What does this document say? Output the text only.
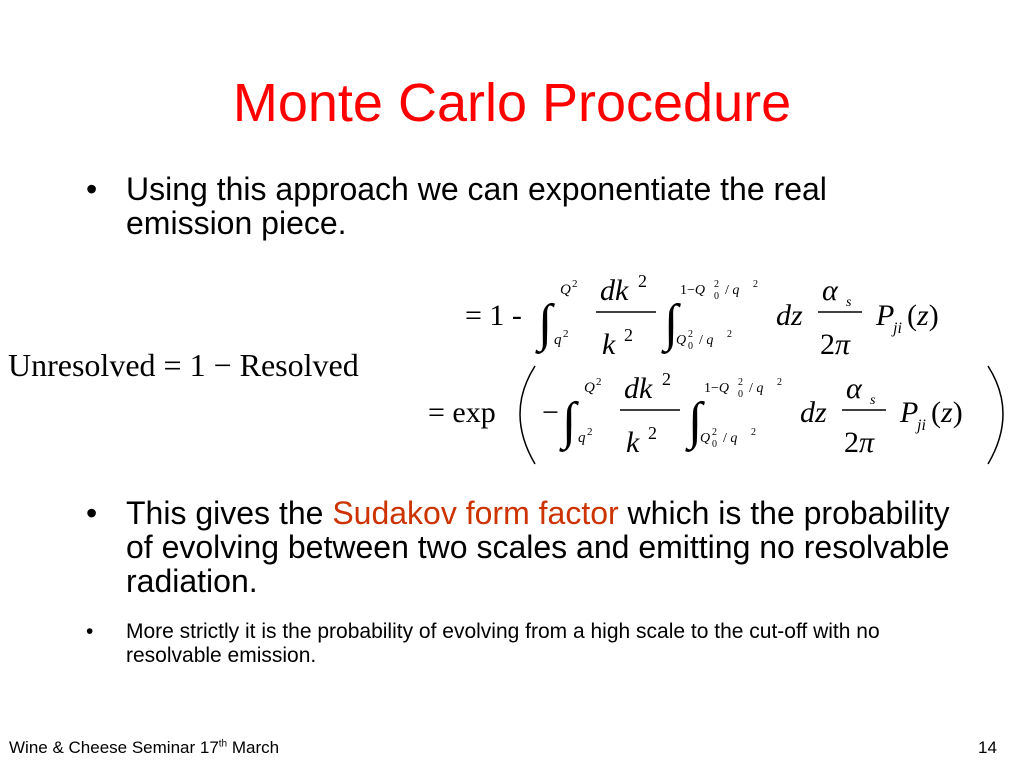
Monte Carlo Procedure
• Using this approach we can exponentiate the real emission piece.
Unresolved = 1 − Resolved
= 1 - ∫
Q 2
q 2
dk 2
k 2 ∫
1−Q 0
2 / q 2
Q 0
2 / q 2
dz
α s
2π
P
ji (z)
= exp − ∫
Q 2
q 2
dk 2
k 2 ∫
1−Q 0
2 / q 2
Q 0
2 / q 2
dz
α s
2π
P
ji (z)
• This gives the Sudakov form factor which is the probability of evolving between two scales and emitting no resolvable radiation.
• More strictly it is the probability of evolving from a high scale to the cut-off with no resolvable emission.
Wine & Cheese Seminar 17th March	14
